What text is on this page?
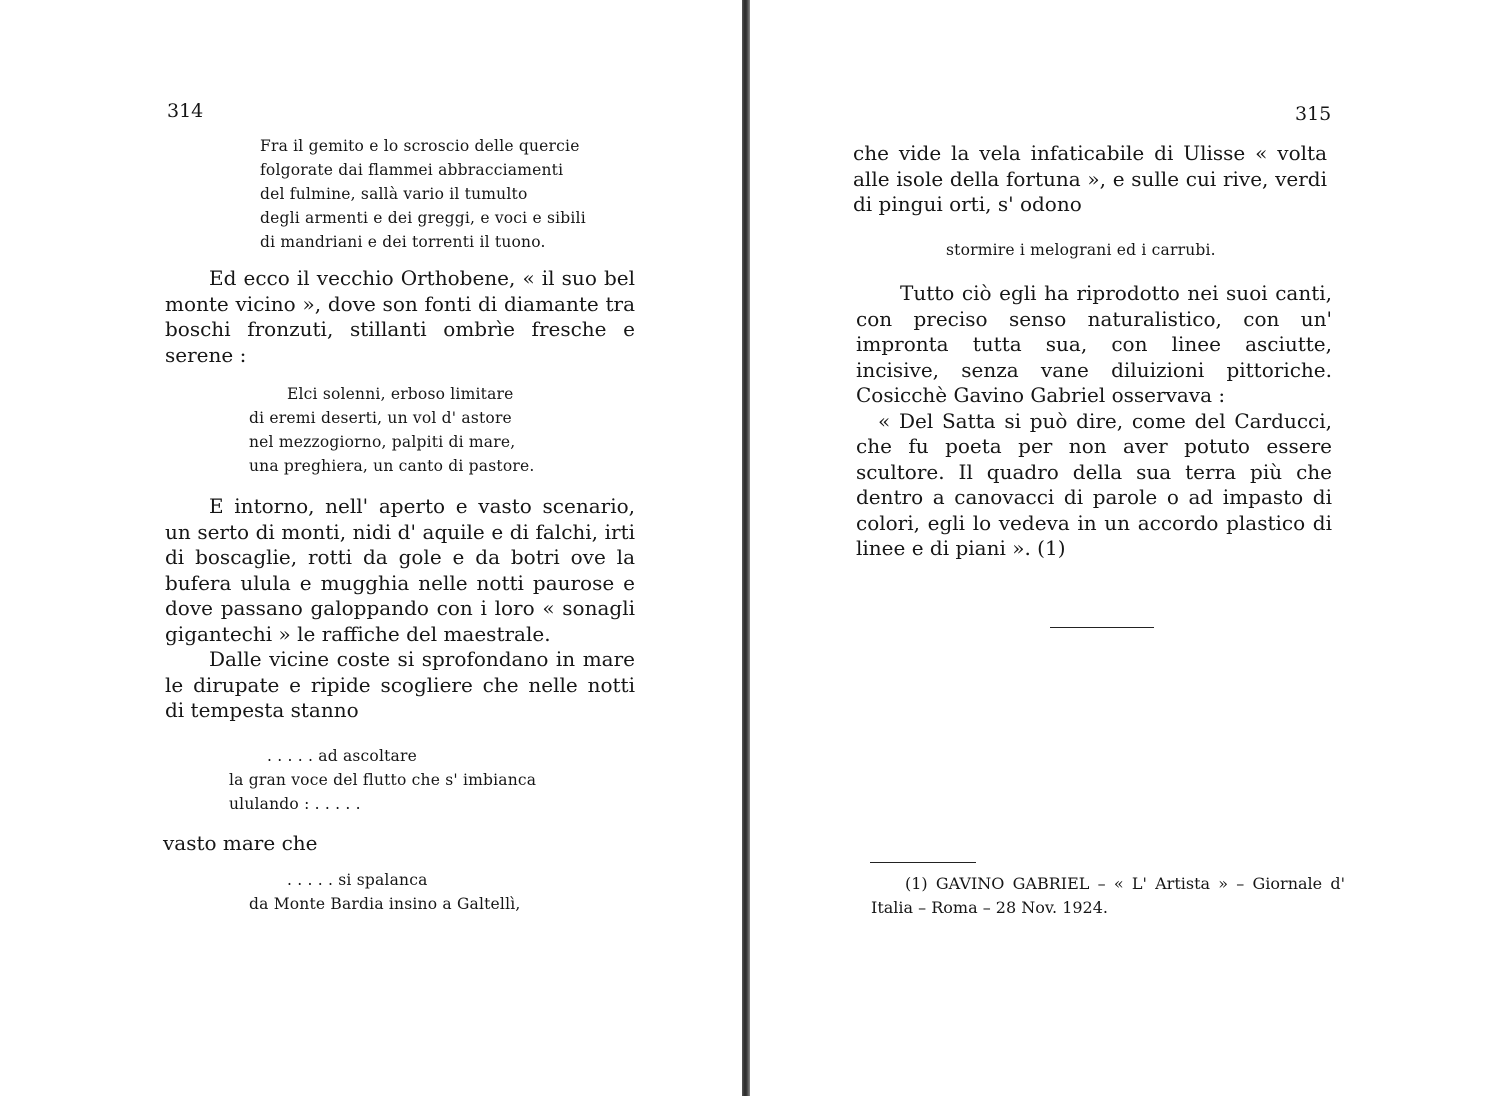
314
Fra il gemito e lo scroscio delle quercie
folgorate dai flammei abbracciamenti
del fulmine, sallà vario il tumulto
degli armenti e dei greggi, e voci e sibili
di mandriani e dei torrenti il tuono.

Ed ecco il vecchio Orthobene, « il suo bel monte vicino », dove son fonti di diamante tra boschi fronzuti, stillanti ombrìe fresche e serene :

Elci solenni, erboso limitare
di eremi deserti, un vol d' astore
nel mezzogiorno, palpiti di mare,
una preghiera, un canto di pastore.

E intorno, nell' aperto e vasto scenario, un serto di monti, nidi d' aquile e di falchi, irti di boscaglie, rotti da gole e da botri ove la bufera ulula e mugghia nelle notti paurose e dove passano galoppando con i loro « sonagli gigantechi » le raffiche del maestrale.

Dalle vicine coste si sprofondano in mare le dirupate e ripide scogliere che nelle notti di tempesta stanno

. . . . . ad ascoltare
la gran voce del flutto che s' imbianca
ululando : . . . . .

vasto mare che

. . . . . si spalanca
da Monte Bardia insino a Galtellì,
315

che vide la vela infaticabile di Ulisse « volta alle isole della fortuna », e sulle cui rive, verdi di pingui orti, s' odono

stormire i melograni ed i carrubi.

Tutto ciò egli ha riprodotto nei suoi canti, con preciso senso naturalistico, con un' impronta tutta sua, con linee asciutte, incisive, senza vane diluizioni pittoriche. Cosicchè Gavino Gabriel osservava :

« Del Satta si può dire, come del Carducci, che fu poeta per non aver potuto essere scultore. Il quadro della sua terra più che dentro a canovacci di parole o ad impasto di colori, egli lo vedeva in un accordo plastico di linee e di piani ». (1)

(1) GAVINO GABRIEL – « L' Artista » – Giornale d' Italia – Roma – 28 Nov. 1924.
